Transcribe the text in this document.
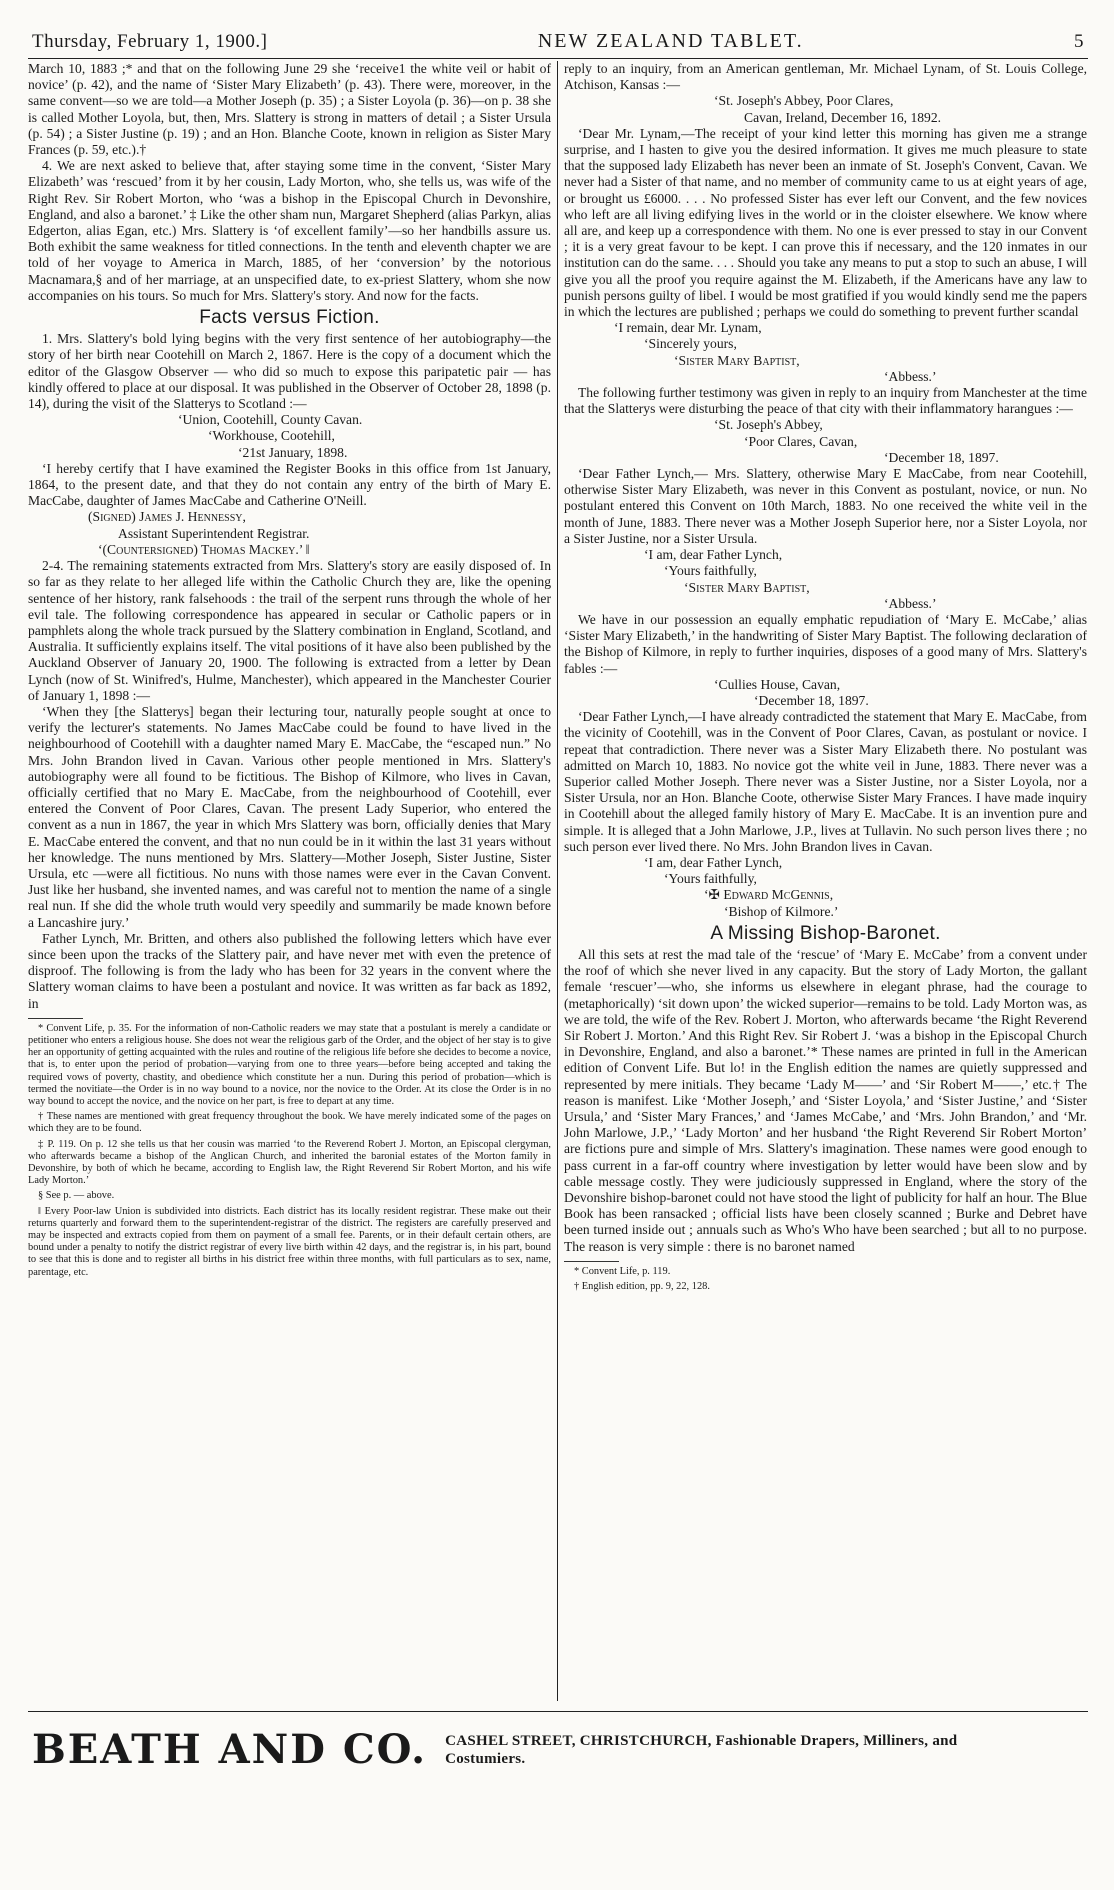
Thursday, February 1, 1900.]	NEW ZEALAND TABLET.	5

March 10, 1883 ;* and that on the following June 29 she ‘receive1 the white veil or habit of novice’ (p. 42), and the name of ‘Sister Mary Elizabeth’ (p. 43). There were, moreover, in the same convent—so we are told—a Mother Joseph (p. 35) ; a Sister Loyola (p. 36)—on p. 38 she is called Mother Loyola, but, then, Mrs. Slattery is strong in matters of detail ; a Sister Ursula (p. 54) ; a Sister Justine (p. 19) ; and an Hon. Blanche Coote, known in religion as Sister Mary Frances (p. 59, etc.).†

4. We are next asked to believe that, after staying some time in the convent, ‘Sister Mary Elizabeth’ was ‘rescued’ from it by her cousin, Lady Morton, who, she tells us, was wife of the Right Rev. Sir Robert Morton, who ‘was a bishop in the Episcopal Church in Devonshire, England, and also a baronet.’ ‡ Like the other sham nun, Margaret Shepherd (alias Parkyn, alias Edgerton, alias Egan, etc.) Mrs. Slattery is ‘of excellent family’—so her handbills assure us. Both exhibit the same weakness for titled connections. In the tenth and eleventh chapter we are told of her voyage to America in March, 1885, of her ‘conversion’ by the notorious Macnamara,§ and of her marriage, at an unspecified date, to ex-priest Slattery, whom she now accompanies on his tours. So much for Mrs. Slattery's story. And now for the facts.

Facts versus Fiction.

1. Mrs. Slattery's bold lying begins with the very first sentence of her autobiography—the story of her birth near Cootehill on March 2, 1867. Here is the copy of a document which the editor of the Glasgow Observer — who did so much to expose this paripatetic pair — has kindly offered to place at our disposal. It was published in the Observer of October 28, 1898 (p. 14), during the visit of the Slatterys to Scotland :—

‘Union, Cootehill, County Cavan.

‘Workhouse, Cootehill,

‘21st January, 1898.

‘I hereby certify that I have examined the Register Books in this office from 1st January, 1864, to the present date, and that they do not contain any entry of the birth of Mary E. MacCabe, daughter of James MacCabe and Catherine O'Neill.

(Signed) James J. Hennessy,

Assistant Superintendent Registrar.

‘(Countersigned) Thomas Mackey.’ ‖

2-4. The remaining statements extracted from Mrs. Slattery's story are easily disposed of. In so far as they relate to her alleged life within the Catholic Church they are, like the opening sentence of her history, rank falsehoods : the trail of the serpent runs through the whole of her evil tale. The following correspondence has appeared in secular or Catholic papers or in pamphlets along the whole track pursued by the Slattery combination in England, Scotland, and Australia. It sufficiently explains itself. The vital positions of it have also been published by the Auckland Observer of January 20, 1900. The following is extracted from a letter by Dean Lynch (now of St. Winifred's, Hulme, Manchester), which appeared in the Manchester Courier of January 1, 1898 :—

‘When they [the Slatterys] began their lecturing tour, naturally people sought at once to verify the lecturer's statements. No James MacCabe could be found to have lived in the neighbourhood of Cootehill with a daughter named Mary E. MacCabe, the “escaped nun.” No Mrs. John Brandon lived in Cavan. Various other people mentioned in Mrs. Slattery's autobiography were all found to be fictitious. The Bishop of Kilmore, who lives in Cavan, officially certified that no Mary E. MacCabe, from the neighbourhood of Cootehill, ever entered the Convent of Poor Clares, Cavan. The present Lady Superior, who entered the convent as a nun in 1867, the year in which Mrs Slattery was born, officially denies that Mary E. MacCabe entered the convent, and that no nun could be in it within the last 31 years without her knowledge. The nuns mentioned by Mrs. Slattery—Mother Joseph, Sister Justine, Sister Ursula, etc —were all fictitious. No nuns with those names were ever in the Cavan Convent. Just like her husband, she invented names, and was careful not to mention the name of a single real nun. If she did the whole truth would very speedily and summarily be made known before a Lancashire jury.’

Father Lynch, Mr. Britten, and others also published the following letters which have ever since been upon the tracks of the Slattery pair, and have never met with even the pretence of disproof. The following is from the lady who has been for 32 years in the convent where the Slattery woman claims to have been a postulant and novice. It was written as far back as 1892, in

* Convent Life, p. 35. For the information of non-Catholic readers we may state that a postulant is merely a candidate or petitioner who enters a religious house. She does not wear the religious garb of the Order, and the object of her stay is to give her an opportunity of getting acquainted with the rules and routine of the religious life before she decides to become a novice, that is, to enter upon the period of probation—varying from one to three years—before being accepted and taking the required vows of poverty, chastity, and obedience which constitute her a nun. During this period of probation—which is termed the novitiate—the Order is in no way bound to a novice, nor the novice to the Order. At its close the Order is in no way bound to accept the novice, and the novice on her part, is free to depart at any time.

† These names are mentioned with great frequency throughout the book. We have merely indicated some of the pages on which they are to be found.

‡ P. 119. On p. 12 she tells us that her cousin was married ‘to the Reverend Robert J. Morton, an Episcopal clergyman, who afterwards became a bishop of the Anglican Church, and inherited the baronial estates of the Morton family in Devonshire, by both of which he became, according to English law, the Right Reverend Sir Robert Morton, and his wife Lady Morton.’

§ See p. — above.

‖ Every Poor-law Union is subdivided into districts. Each district has its locally resident registrar. These make out their returns quarterly and forward them to the superintendent-registrar of the district. The registers are carefully preserved and may be inspected and extracts copied from them on payment of a small fee. Parents, or in their default certain others, are bound under a penalty to notify the district registrar of every live birth within 42 days, and the registrar is, in his part, bound to see that this is done and to register all births in his district free within three months, with full particulars as to sex, name, parentage, etc.

reply to an inquiry, from an American gentleman, Mr. Michael Lynam, of St. Louis College, Atchison, Kansas :—

‘St. Joseph's Abbey, Poor Clares,

Cavan, Ireland, December 16, 1892.

‘Dear Mr. Lynam,—The receipt of your kind letter this morning has given me a strange surprise, and I hasten to give you the desired information. It gives me much pleasure to state that the supposed lady Elizabeth has never been an inmate of St. Joseph's Convent, Cavan. We never had a Sister of that name, and no member of community came to us at eight years of age, or brought us £6000. . . . No professed Sister has ever left our Convent, and the few novices who left are all living edifying lives in the world or in the cloister elsewhere. We know where all are, and keep up a correspondence with them. No one is ever pressed to stay in our Convent ; it is a very great favour to be kept. I can prove this if necessary, and the 120 inmates in our institution can do the same. . . . Should you take any means to put a stop to such an abuse, I will give you all the proof you require against the M. Elizabeth, if the Americans have any law to punish persons guilty of libel. I would be most gratified if you would kindly send me the papers in which the lectures are published ; perhaps we could do something to prevent further scandal

‘I remain, dear Mr. Lynam,

‘Sincerely yours,

‘Sister Mary Baptist,

‘Abbess.’

The following further testimony was given in reply to an inquiry from Manchester at the time that the Slatterys were disturbing the peace of that city with their inflammatory harangues :—

‘St. Joseph's Abbey,

‘Poor Clares, Cavan,

‘December 18, 1897.

‘Dear Father Lynch,— Mrs. Slattery, otherwise Mary E MacCabe, from near Cootehill, otherwise Sister Mary Elizabeth, was never in this Convent as postulant, novice, or nun. No postulant entered this Convent on 10th March, 1883. No one received the white veil in the month of June, 1883. There never was a Mother Joseph Superior here, nor a Sister Loyola, nor a Sister Justine, nor a Sister Ursula.

‘I am, dear Father Lynch,

‘Yours faithfully,

‘Sister Mary Baptist,

‘Abbess.’

We have in our possession an equally emphatic repudiation of ‘Mary E. McCabe,’ alias ‘Sister Mary Elizabeth,’ in the handwriting of Sister Mary Baptist. The following declaration of the Bishop of Kilmore, in reply to further inquiries, disposes of a good many of Mrs. Slattery's fables :—

‘Cullies House, Cavan,

‘December 18, 1897.

‘Dear Father Lynch,—I have already contradicted the statement that Mary E. MacCabe, from the vicinity of Cootehill, was in the Convent of Poor Clares, Cavan, as postulant or novice. I repeat that contradiction. There never was a Sister Mary Elizabeth there. No postulant was admitted on March 10, 1883. No novice got the white veil in June, 1883. There never was a Superior called Mother Joseph. There never was a Sister Justine, nor a Sister Loyola, nor a Sister Ursula, nor an Hon. Blanche Coote, otherwise Sister Mary Frances. I have made inquiry in Cootehill about the alleged family history of Mary E. MacCabe. It is an invention pure and simple. It is alleged that a John Marlowe, J.P., lives at Tullavin. No such person lives there ; no such person ever lived there. No Mrs. John Brandon lives in Cavan.

‘I am, dear Father Lynch,

‘Yours faithfully,

‘✠ Edward McGennis,

‘Bishop of Kilmore.’

A Missing Bishop-Baronet.

All this sets at rest the mad tale of the ‘rescue’ of ‘Mary E. McCabe’ from a convent under the roof of which she never lived in any capacity. But the story of Lady Morton, the gallant female ‘rescuer’—who, she informs us elsewhere in elegant phrase, had the courage to (metaphorically) ‘sit down upon’ the wicked superior—remains to be told. Lady Morton was, as we are told, the wife of the Rev. Robert J. Morton, who afterwards became ‘the Right Reverend Sir Robert J. Morton.’ And this Right Rev. Sir Robert J. ‘was a bishop in the Episcopal Church in Devonshire, England, and also a baronet.’* These names are printed in full in the American edition of Convent Life. But lo! in the English edition the names are quietly suppressed and represented by mere initials. They became ‘Lady M——’ and ‘Sir Robert M——,’ etc.† The reason is manifest. Like ‘Mother Joseph,’ and ‘Sister Loyola,’ and ‘Sister Justine,’ and ‘Sister Ursula,’ and ‘Sister Mary Frances,’ and ‘James McCabe,’ and ‘Mrs. John Brandon,’ and ‘Mr. John Marlowe, J.P.,’ ‘Lady Morton’ and her husband ‘the Right Reverend Sir Robert Morton’ are fictions pure and simple of Mrs. Slattery's imagination. These names were good enough to pass current in a far-off country where investigation by letter would have been slow and by cable message costly. They were judiciously suppressed in England, where the story of the Devonshire bishop-baronet could not have stood the light of publicity for half an hour. The Blue Book has been ransacked ; official lists have been closely scanned ; Burke and Debret have been turned inside out ; annuals such as Who's Who have been searched ; but all to no purpose. The reason is very simple : there is no baronet named

* Convent Life, p. 119.

† English edition, pp. 9, 22, 128.

BEATH AND CO. CASHEL STREET, CHRISTCHURCH, Fashionable Drapers, Milliners, and
Costumiers.
